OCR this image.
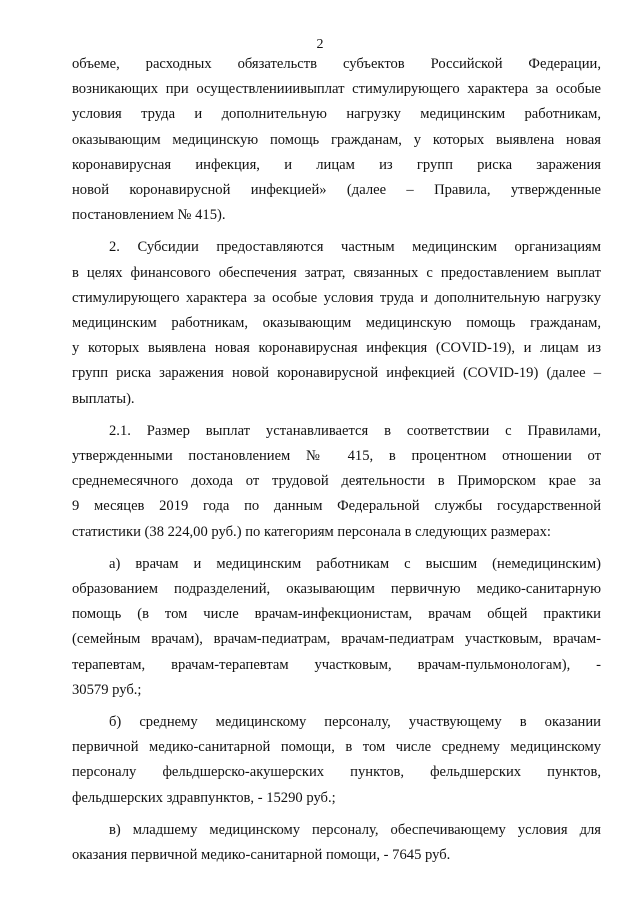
2
объеме, расходных обязательств субъектов Российской Федерации,
возникающих при осуществленииивыплат стимулирующего характера за особые
условия труда и дополнительную нагрузку медицинским работникам,
оказывающим медицинскую помощь гражданам, у которых выявлена новая
коронавирусная инфекция, и лицам из групп риска заражения
новой коронавирусной инфекцией» (далее – Правила, утвержденные
постановлением № 415).
2. Субсидии предоставляются частным медицинским организациям
в целях финансового обеспечения затрат, связанных с предоставлением выплат
стимулирующего характера за особые условия труда и дополнительную нагрузку
медицинским работникам, оказывающим медицинскую помощь гражданам,
у которых выявлена новая коронавирусная инфекция (COVID-19), и лицам из
групп риска заражения новой коронавирусной инфекцией (COVID-19) (далее –
выплаты).
2.1. Размер выплат устанавливается в соответствии с Правилами,
утвержденными постановлением № 415, в процентном отношении от
среднемесячного дохода от трудовой деятельности в Приморском крае за
9 месяцев 2019 года по данным Федеральной службы государственной
статистики (38 224,00 руб.) по категориям персонала в следующих размерах:
а) врачам и медицинским работникам с высшим (немедицинским)
образованием подразделений, оказывающим первичную медико-санитарную
помощь (в том числе врачам-инфекционистам, врачам общей практики
(семейным врачам), врачам-педиатрам, врачам-педиатрам участковым, врачам-
терапевтам, врачам-терапевтам участковым, врачам-пульмонологам), -
30579 руб.;
б) среднему медицинскому персоналу, участвующему в оказании
первичной медико-санитарной помощи, в том числе среднему медицинскому
персоналу фельдшерско-акушерских пунктов, фельдшерских пунктов,
фельдшерских здравпунктов, - 15290 руб.;
в) младшему медицинскому персоналу, обеспечивающему условия для
оказания первичной медико-санитарной помощи, - 7645 руб.
